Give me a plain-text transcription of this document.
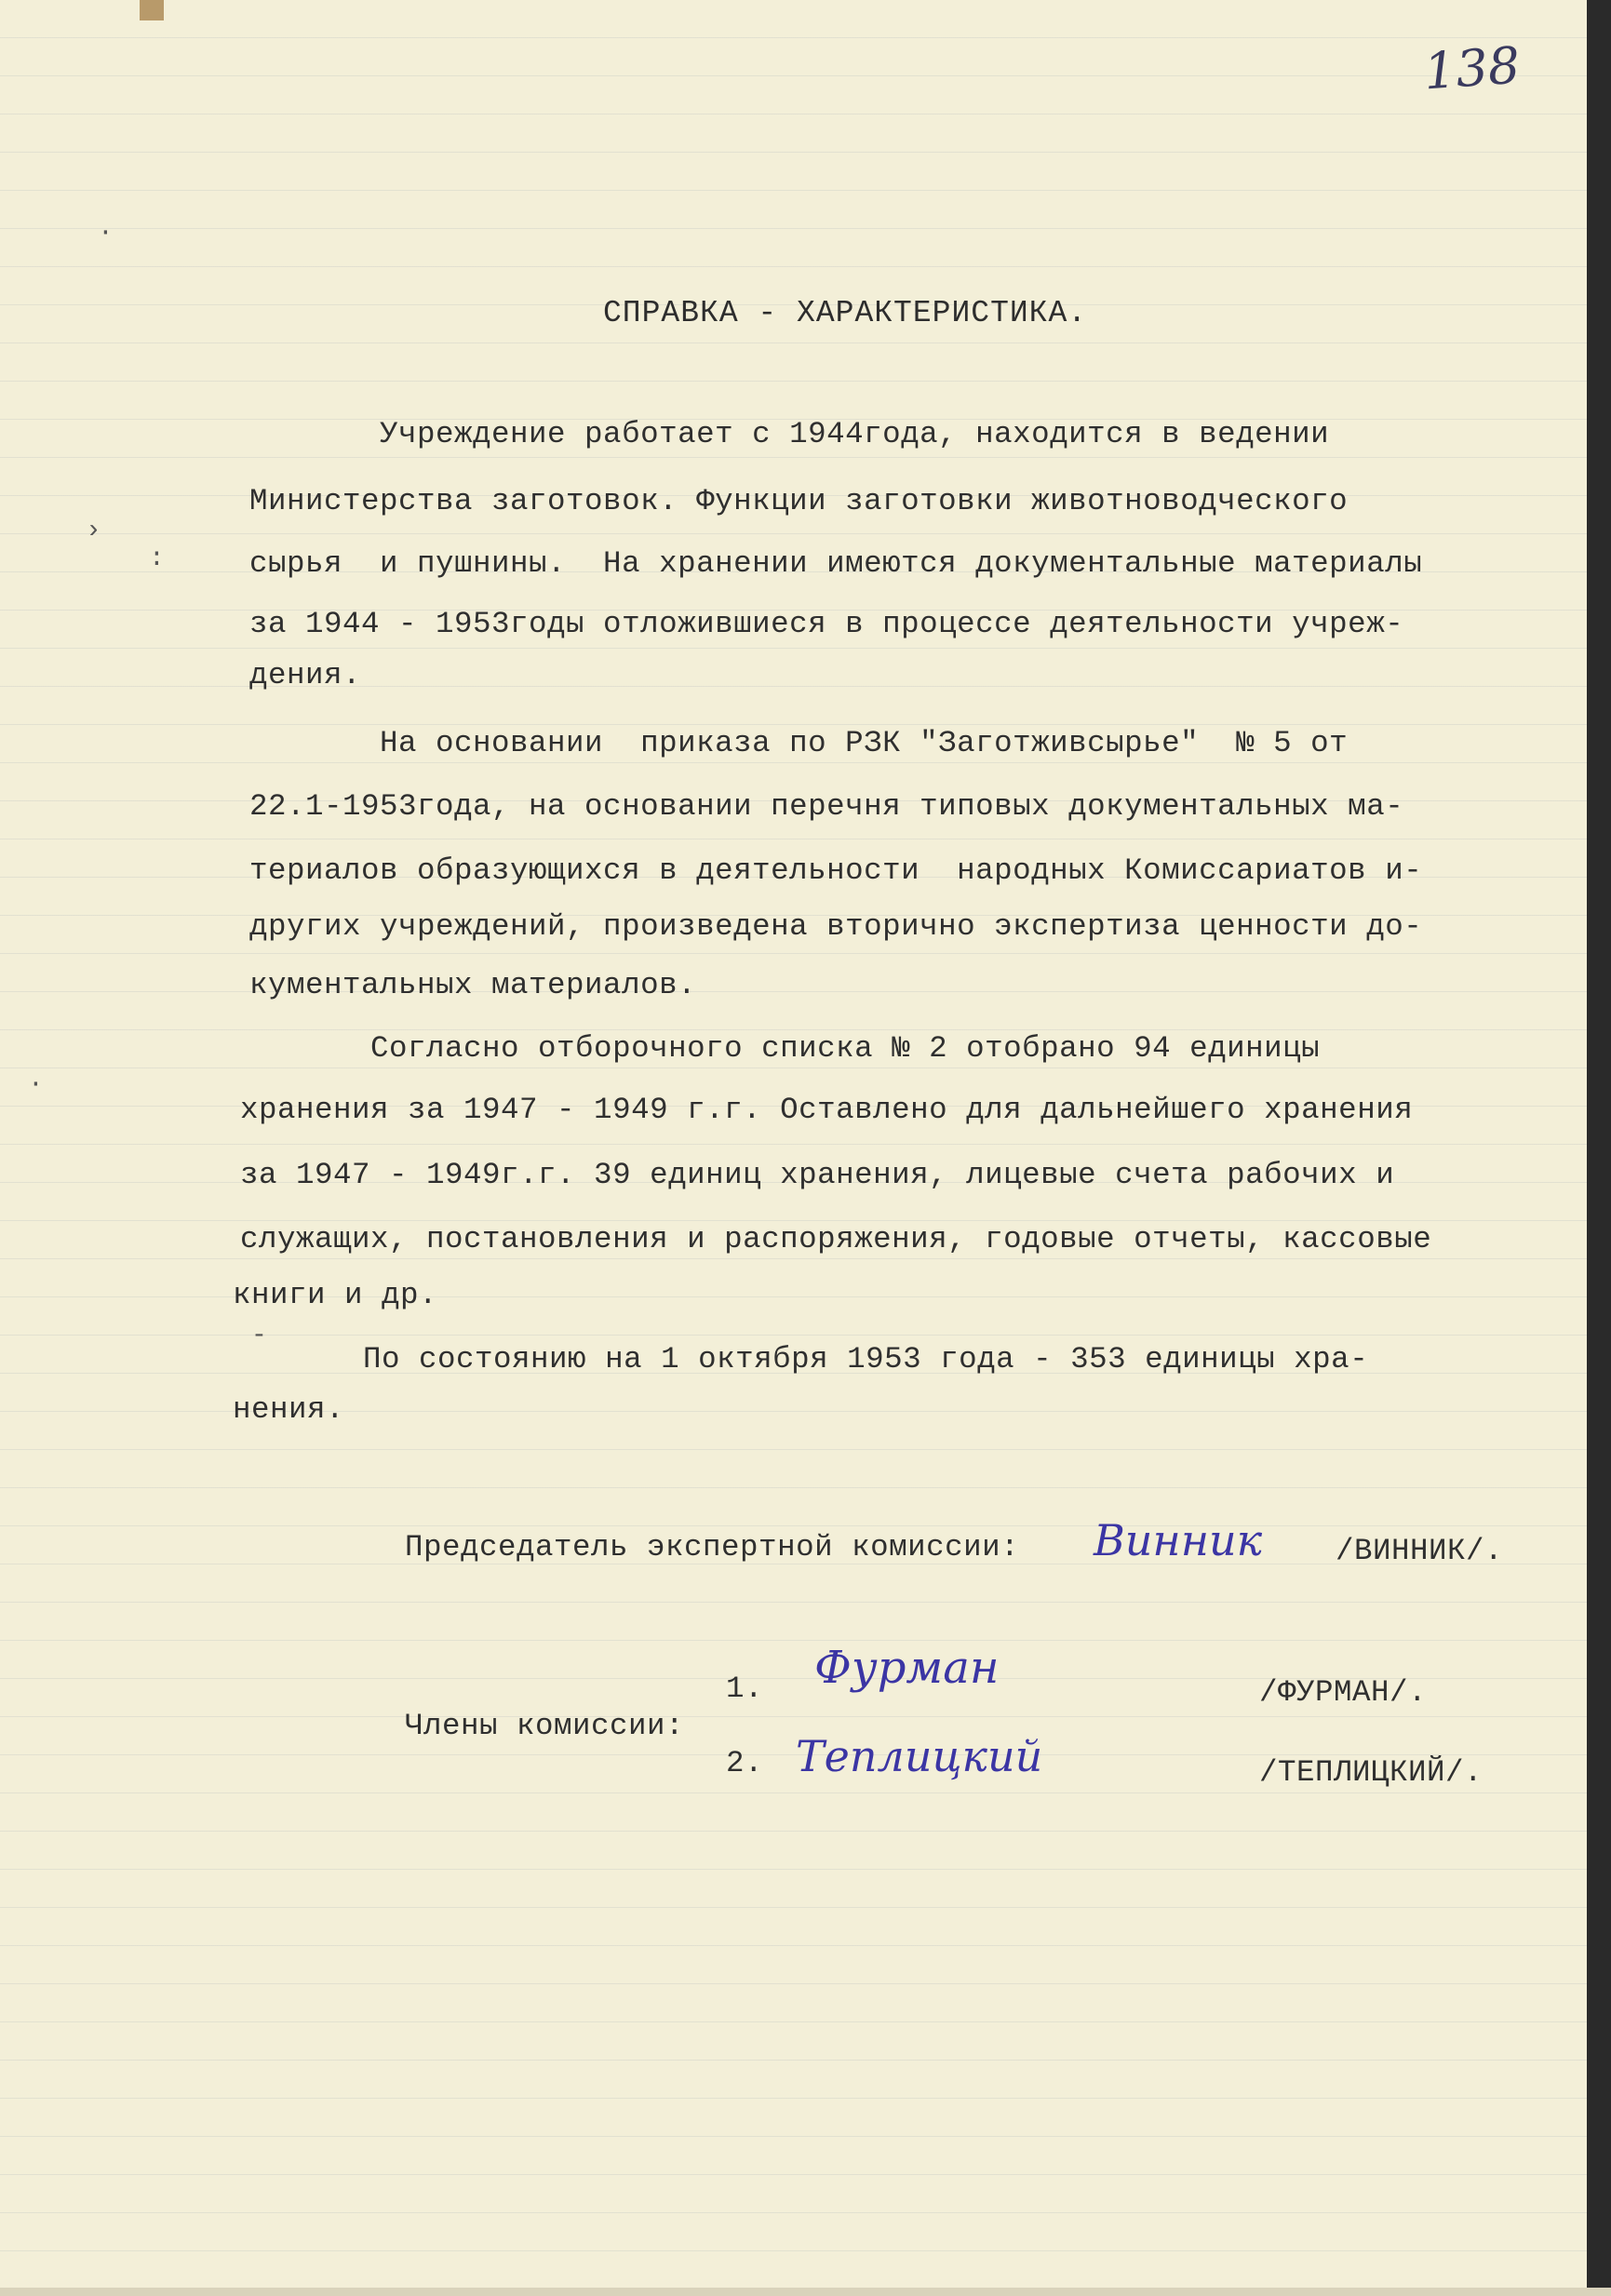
138
СПРАВКА - ХАРАКТЕРИСТИКА.
Учреждение работает с 1944года, находится в ведении
Министерства заготовок. Функции заготовки животноводческого
сырья  и пушнины.  На хранении имеются документальные материалы
за 1944 - 1953годы отложившиеся в процессе деятельности учреж-
дения.
На основании  приказа по РЗК "Заготживсырье"  № 5 от
22.1-1953года, на основании перечня типовых документальных ма-
териалов образующихся в деятельности  народных Комиссариатов и-
других учреждений, произведена вторично экспертиза ценности до-
кументальных материалов.
Согласно отборочного списка № 2 отобрано 94 единицы
хранения за 1947 - 1949 г.г. Оставлено для дальнейшего хранения
за 1947 - 1949г.г. 39 единиц хранения, лицевые счета рабочих и
служащих, постановления и распоряжения, годовые отчеты, кассовые
книги и др.
По состоянию на 1 октября 1953 года - 353 единицы хра-
нения.
Председатель экспертной комиссии: Винник /ВИННИК/.
1. Фурман	/ФУРМАН/.
Члены комиссии:
2. Теплицкий	/ТЕПЛИЦКИЙ/.
·
›
:
·
-
